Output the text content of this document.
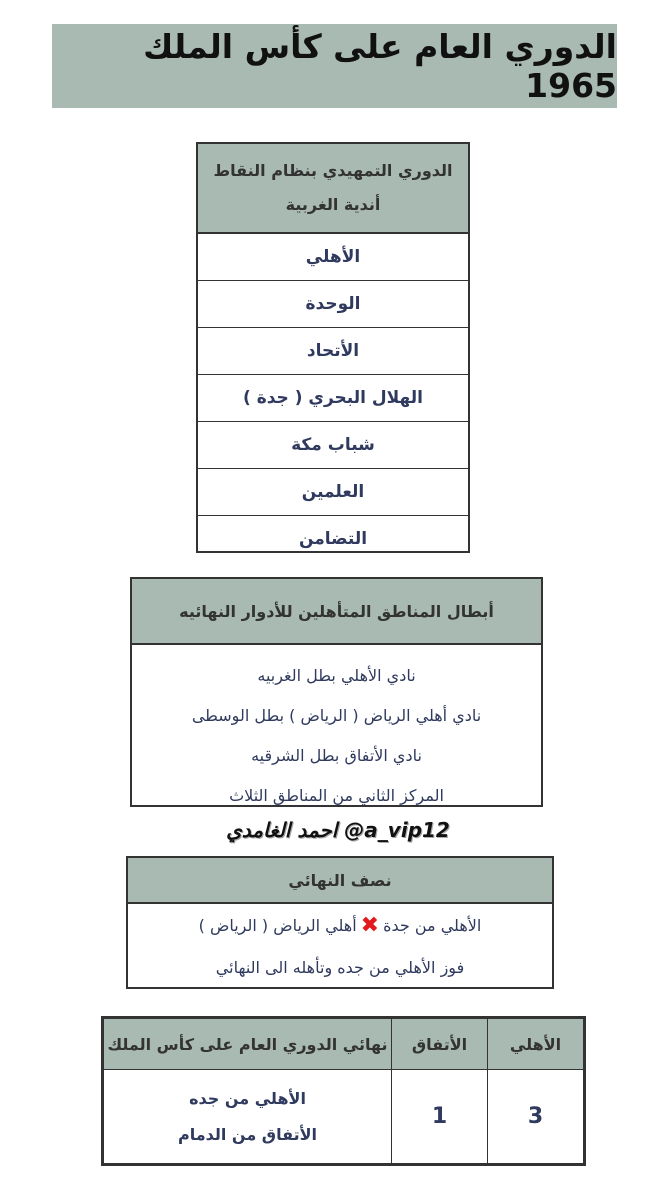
الدوري العام على كأس الملك 1965
الدوري التمهيدي بنظام النقاط
أندية الغربية
الأهلي
الوحدة
الأتحاد
الهلال البحري ( جدة )
شباب مكة
العلمين
التضامن
أبطال المناطق المتأهلين للأدوار النهائيه
نادي الأهلي بطل الغربيه
نادي أهلي الرياض ( الرياض ) بطل الوسطى
نادي الأتفاق بطل الشرقيه
المركز الثاني من المناطق الثلاث
احمد الغامدي @a_vip12
نصف النهائي
الأهلي من جدة
✖
أهلي الرياض ( الرياض )
فوز الأهلي من جده وتأهله الى النهائي
الأهلي	الأتفاق	نهائي الدوري العام على كأس الملك
3	1	الأهلي من جده
الأتفاق من الدمام
